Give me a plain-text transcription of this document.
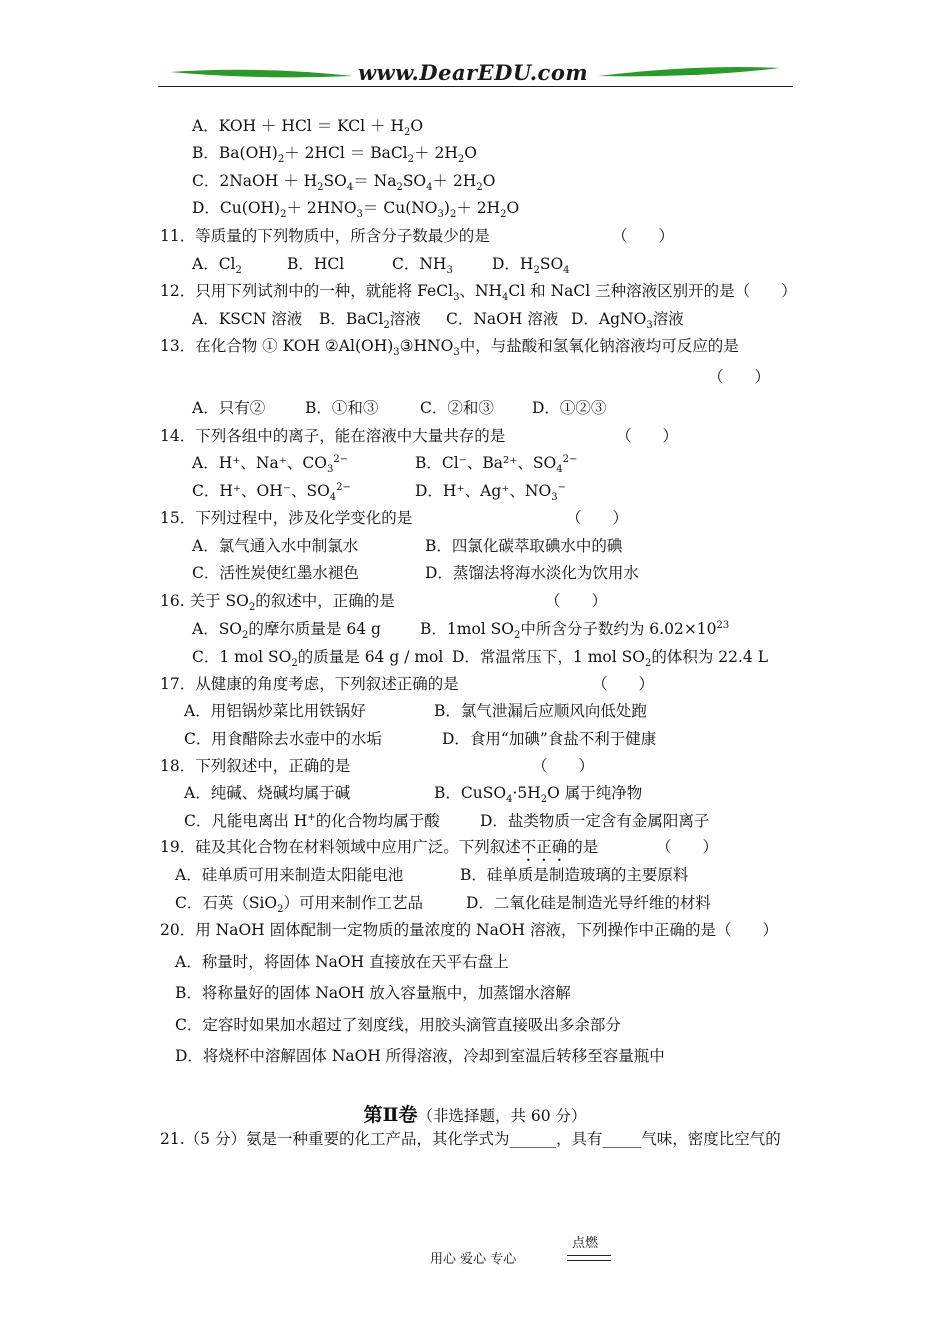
www.DearEDU.com
A．KOH ＋ HCl ＝ KCl ＋ $H_2O$
B．$Ba(OH)_2+ 2HCl$ ＝ BaCl$_2$＋ $2H_2O$
C．2NaOH ＋ $H_2SO_4= Na_2SO_4+ 2H_2O$
D．$Cu(OH)_2+ 2HNO_3= Cu(NO_3)_2+ 2H_2O$
11．等质量的下列物质中，所含分子数最少的是	（　　）
A．$Cl_2$	B．HCl	C．$NH_3$	D．$H_2SO_4$
12．只用下列试剂中的一种，就能将 FeCl$_3$、$NH_4Cl$ 和 NaCl 三种溶液区别开的是（　　）
A．KSCN 溶液 B．BaCl$_2$溶液 C．NaOH 溶液 D．AgNO$_3$溶液
13．在化合物 ① KOH $②Al(OH)_3③HNO_3$中，与盐酸和氢氧化钠溶液均可反应的是
（　　）
A．只有②	B．①和③	C．②和③ D．①②③
14．下列各组中的离子，能在溶液中大量共存的是	（　　）
A．H⁺、Na⁺、$CO_3^{2-}$	B．Cl⁻、Ba²⁺、$SO_4^{2-}$
C．H⁺、OH⁻、$SO_4^{2-}$	D．H⁺、Ag⁺、$NO_3^-$
15．下列过程中，涉及化学变化的是	（　　）
A．氯气通入水中制氯水	B．四氯化碳萃取碘水中的碘
C．活性炭使红墨水褪色	D．蒸馏法将海水淡化为饮用水
16. 关于 $SO_2$的叙述中，正确的是	（　　）
A．$SO_2$的摩尔质量是 64 g	B．1mol $SO_2$中所含分子数约为 $6.02\times 10^{23}$
C．1 mol $SO_2$的质量是 64 g / mol D．常温常压下，1 mol $SO_2$的体积为 22.4 L
17．从健康的角度考虑，下列叙述正确的是	（　　）
A．用铝锅炒菜比用铁锅好	B．氯气泄漏后应顺风向低处跑
C．用食醋除去水壶中的水垢	D．食用“加碘”食盐不利于健康
18．下列叙述中，正确的是	（　　）
A．纯碱、烧碱均属于碱	B．$CuSO_4\cdot 5H_2O$ 属于纯净物
C．凡能电离出 H+的化合物均属于酸	D．盐类物质一定含有金属阳离子
19．硅及其化合物在材料领域中应用广泛。下列叙述不正确的是	（　　）
A．硅单质可用来制造太阳能电池	B．硅单质是制造玻璃的主要原料
C．石英（SiO$_2$）可用来制作工艺品	D．二氧化硅是制造光导纤维的材料
20．用 NaOH 固体配制一定物质的量浓度的 NaOH 溶液，下列操作中正确的是（　　）
A．称量时，将固体 NaOH 直接放在天平右盘上
B．将称量好的固体 NaOH 放入容量瓶中，加蒸馏水溶解
C．定容时如果加水超过了刻度线，用胶头滴管直接吸出多余部分
D．将烧杯中溶解固体 NaOH 所得溶液，冷却到室温后转移至容量瓶中
第Ⅱ卷（非选择题，共 60 分）
21.（5 分）氨是一种重要的化工产品，其化学式为______，具有_____气味，密度比空气的
用心 爱心 专心
点燃
